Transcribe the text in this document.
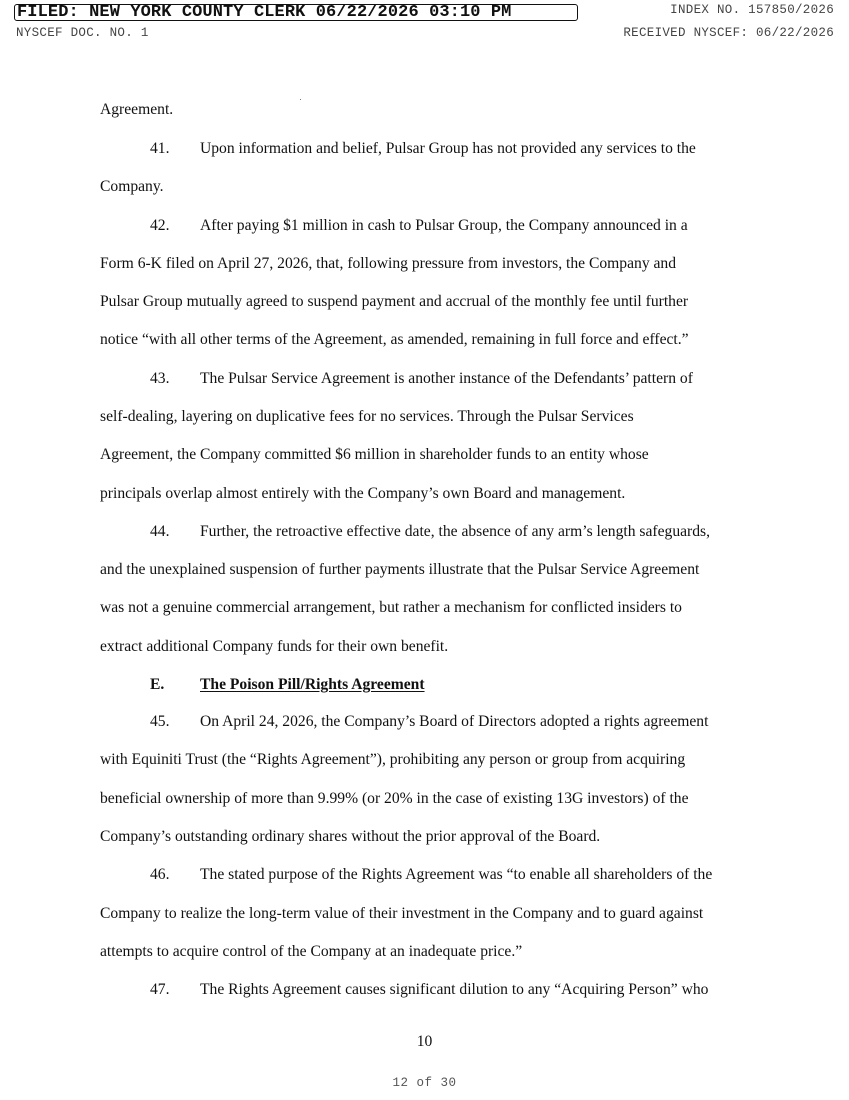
FILED: NEW YORK COUNTY CLERK 06/22/2026 03:10 PM	INDEX NO. 157850/2026
NYSCEF DOC. NO. 1	RECEIVED NYSCEF: 06/22/2026
Agreement.
41. Upon information and belief, Pulsar Group has not provided any services to the
Company.
42. After paying $1 million in cash to Pulsar Group, the Company announced in a
Form 6-K filed on April 27, 2026, that, following pressure from investors, the Company and
Pulsar Group mutually agreed to suspend payment and accrual of the monthly fee until further
notice “with all other terms of the Agreement, as amended, remaining in full force and effect.”
43. The Pulsar Service Agreement is another instance of the Defendants’ pattern of
self-dealing, layering on duplicative fees for no services. Through the Pulsar Services
Agreement, the Company committed $6 million in shareholder funds to an entity whose
principals overlap almost entirely with the Company’s own Board and management.
44. Further, the retroactive effective date, the absence of any arm’s length safeguards,
and the unexplained suspension of further payments illustrate that the Pulsar Service Agreement
was not a genuine commercial arrangement, but rather a mechanism for conflicted insiders to
extract additional Company funds for their own benefit.
E. The Poison Pill/Rights Agreement
45. On April 24, 2026, the Company’s Board of Directors adopted a rights agreement
with Equiniti Trust (the “Rights Agreement”), prohibiting any person or group from acquiring
beneficial ownership of more than 9.99% (or 20% in the case of existing 13G investors) of the
Company’s outstanding ordinary shares without the prior approval of the Board.
46. The stated purpose of the Rights Agreement was “to enable all shareholders of the
Company to realize the long-term value of their investment in the Company and to guard against
attempts to acquire control of the Company at an inadequate price.”
47. The Rights Agreement causes significant dilution to any “Acquiring Person” who
10
12 of 30
